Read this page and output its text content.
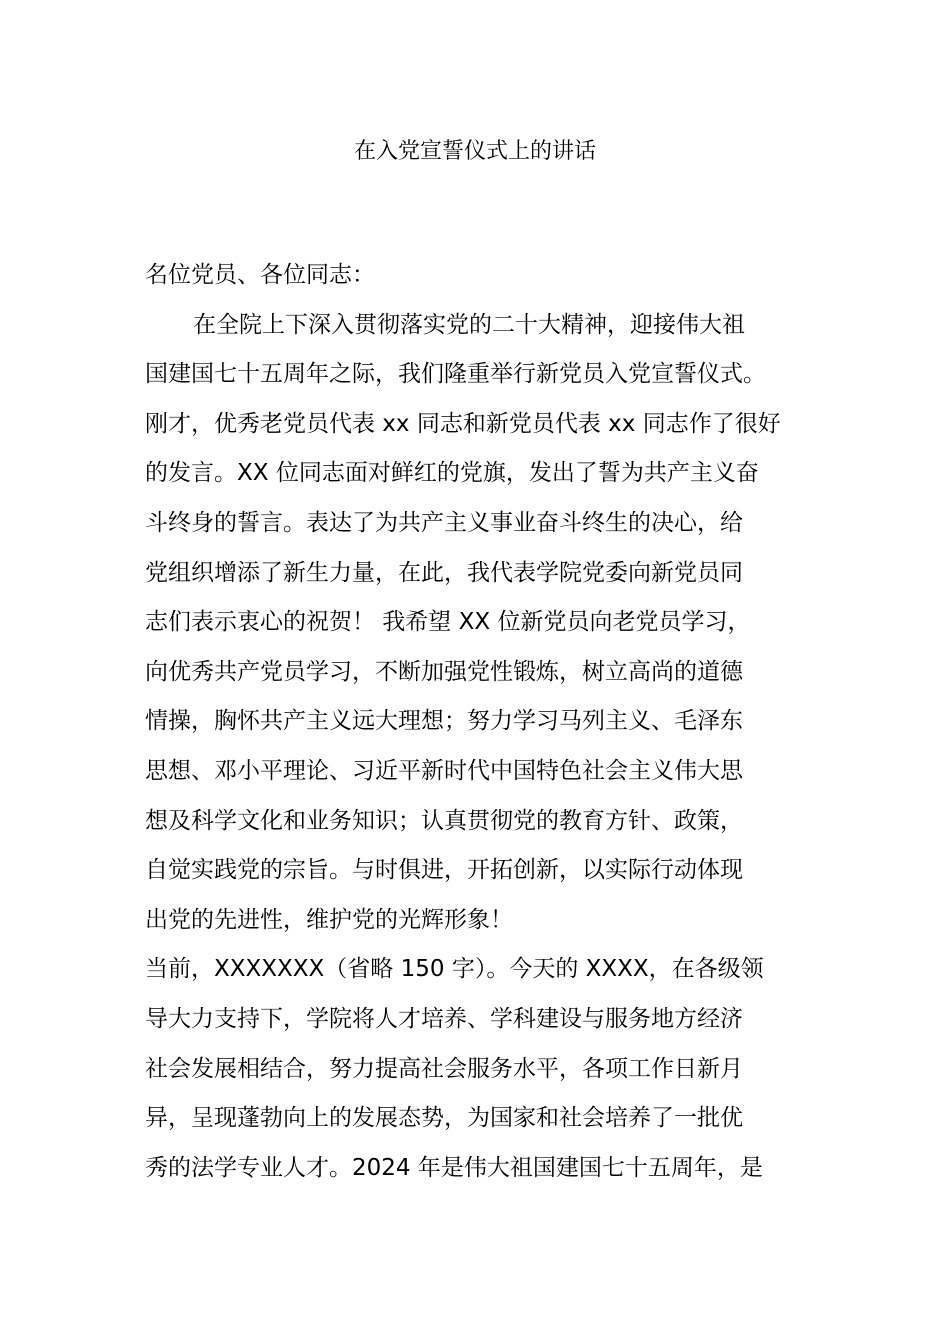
在入党宣誓仪式上的讲话

名位党员、各位同志：

在全院上下深入贯彻落实党的二十大精神，迎接伟大祖
国建国七十五周年之际，我们隆重举行新党员入党宣誓仪式。
刚才，优秀老党员代表 xx 同志和新党员代表 xx 同志作了很好
的发言。XX 位同志面对鲜红的党旗，发出了誓为共产主义奋
斗终身的誓言。表达了为共产主义事业奋斗终生的决心，给
党组织增添了新生力量，在此，我代表学院党委向新党员同
志们表示衷心的祝贺！ 我希望 XX 位新党员向老党员学习，
向优秀共产党员学习，不断加强党性锻炼，树立高尚的道德
情操，胸怀共产主义远大理想；努力学习马列主义、毛泽东
思想、邓小平理论、习近平新时代中国特色社会主义伟大思
想及科学文化和业务知识；认真贯彻党的教育方针、政策，
自觉实践党的宗旨。与时俱进，开拓创新，以实际行动体现
出党的先进性，维护党的光辉形象！

当前，XXXXXXX（省略 150 字）。今天的 XXXX，在各级领
导大力支持下，学院将人才培养、学科建设与服务地方经济
社会发展相结合，努力提高社会服务水平，各项工作日新月
异，呈现蓬勃向上的发展态势，为国家和社会培养了一批优
秀的法学专业人才。2024 年是伟大祖国建国七十五周年，是
